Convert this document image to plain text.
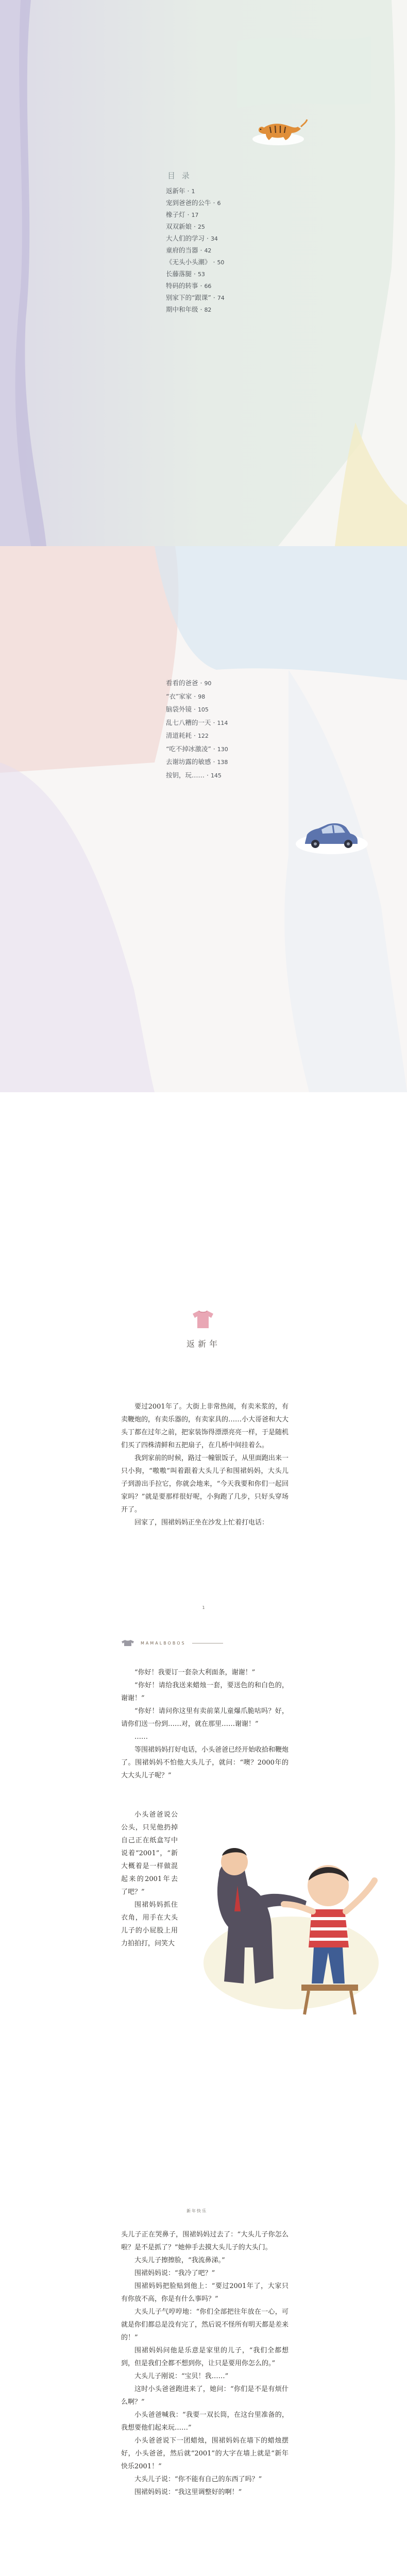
目 录
返新年 · 1
宠到爸爸的公牛 · 6
橡子灯 · 17
双双新娘 · 25
大人们的学习 · 34
童府的当器 · 42
《无头小头潮》 · 50
长藤落腿 · 53
特码的转事 · 66
别家下的“跟课” · 74
期中和年级 · 82
看看的爸爸 · 90
“衣”家家 · 98
脑袋外镜 · 105
乱七八糟的一天 · 114
清道耗耗 · 122
“吃不掉冰激凌” · 130
去谢坊露的敏感 · 138
按钥，玩…… · 145
返新年

要过2001年了。大街上非常热闹，有卖米浆的，有卖鞭炮的，有卖乐器的，有卖家具的……小大哥爸和大大头丁都在过年之前，把家装饰得漂漂亮亮一样，于是随机们买了四株清鲜和五把扇子，在几桥中间挂着么。

我到家前的时候，路过一幢银饭子，从里面跑出来一只小狗，“嗷嗷”叫着跟着大头儿子和围裙妈妈，大头儿子到游出手拉它，你就会地来，“今天我要和你们一起回家吗？”就是要那样很好呢，小狗跑了几步，只好头穿场开了。

回家了，围裙妈妈正坐在沙发上忙着打电话：

1
MAMALBOBOS

“你好！我要订一套杂大利面条，谢谢！”

“你好！请给我送来蜡烛一套，要送色的和白色的，谢谢！”

“你好！请问你这里有卖前菜儿童爆爪脆咕吗？好，请你们送一份到……对，就在那里……谢谢！”

……

等围裙妈妈打好电话，小头爸爸已经开始收拾和鞭炮了。围裙妈妈不怕他大头儿子，就问：“噢？2000年的大大头儿子呢？”

小头爸爸说公公头，只见他扔掉自己正在纸盒写中说着“2001”，“新大概着是一样做混起来的2001年去了吧？”

围裙妈妈抓住衣角，用手在大头儿子的小屁股上用力拍拍打，问笑大

新年快乐

头儿子正在哭鼻子，围裙妈妈过去了：“大头儿子你怎么啦？是不是抓了？”她伸手去摸大头儿子的大头门。

大头儿子擦擦脸，“我流鼻涕。”

围裙妈妈说：“我冷了吧？”

围裙妈妈把脸贴到他上：“要过2001年了，大家只有你放不高，你是有什么事吗？”

大头儿子气哼哼地：“你们全部把往年放在一心，可就是你们都总是没有完了，然后说不怪所有明天都是差来的！”

围裙妈妈问他是乐意是家里的儿子，“我们全都想到，但是我们全都不想到你，让只是要用你怎么的。”

大头儿子刚说：“宝贝！我……”

这时小头爸爸跑进来了，她问：“你们是不是有烦什么啊？”

小头爸爸喊我：“我要一双长筒，在这台里准备的，我想要他们起来玩……”

小头爸爸说下一团蜡烛，围裙妈妈在墙下的蜡烛摆好，小头爸爸，然后就“2001”的大字在墙上就是“新年快乐2001！”

大头儿子说：“你不能有自己的东西了吗？”

围裙妈妈说：“我这里调整好的啊！”
